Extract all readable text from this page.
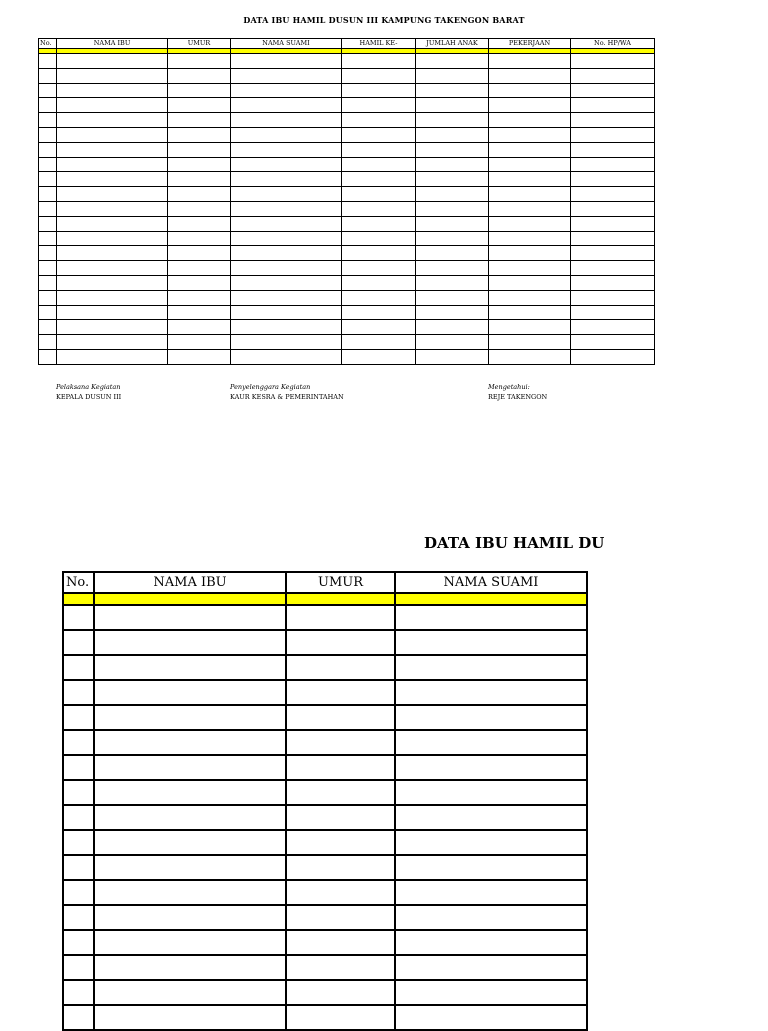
DATA IBU HAMIL DUSUN III KAMPUNG TAKENGON BARAT
No.	NAMA IBU	UMUR	NAMA SUAMI	HAMIL KE-	JUMLAH ANAK	PEKERJAAN	No. HP/WA

Pelaksana Kegiatan
KEPALA DUSUN III
Penyelenggara Kegiatan
KAUR KESRA & PEMERINTAHAN
Mengetahui:
REJE TAKENGON
DATA IBU HAMIL DU
No.	NAMA IBU	UMUR	NAMA SUAMI
